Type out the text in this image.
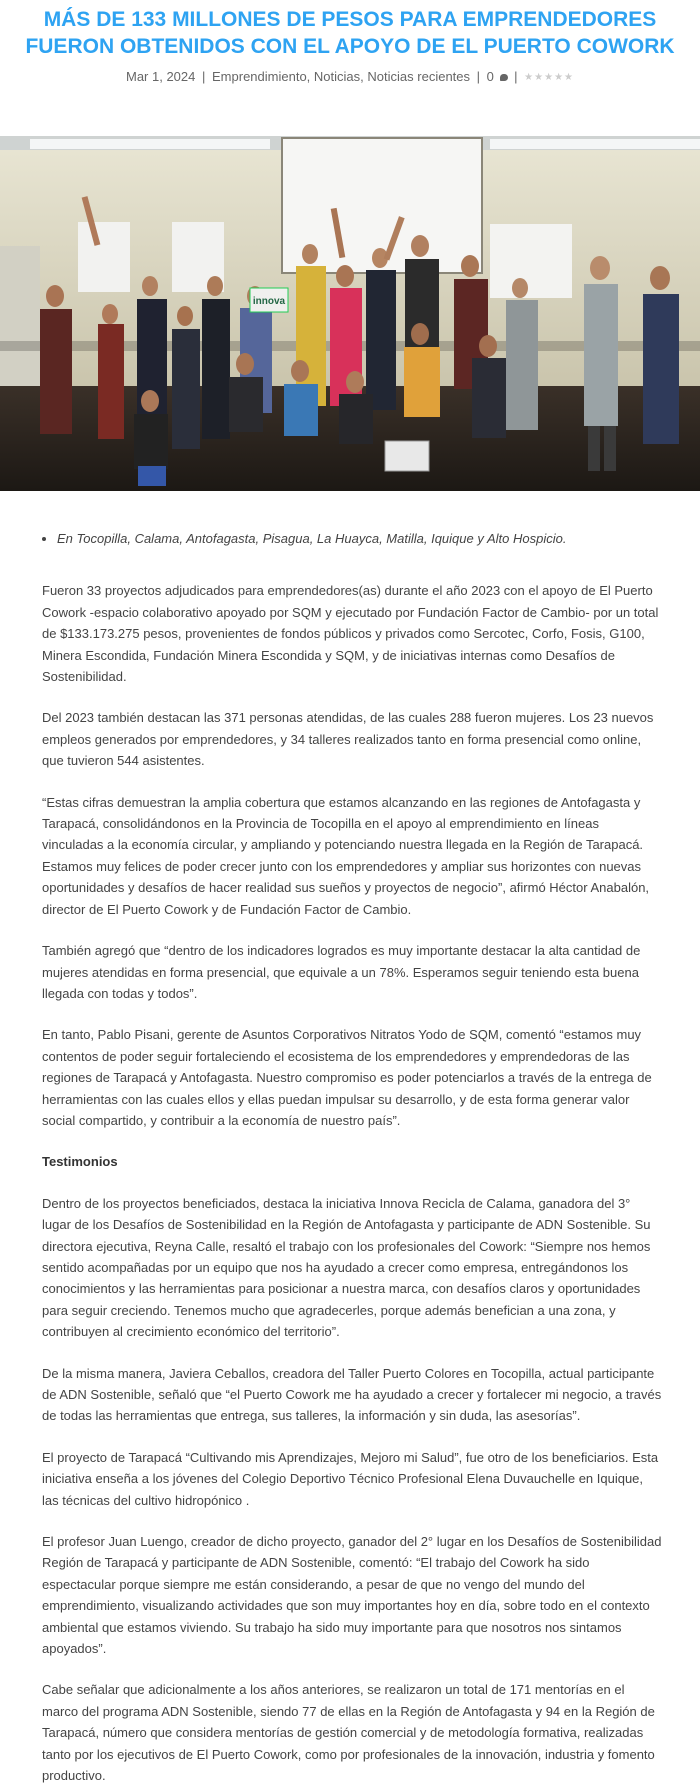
MÁS DE 133 MILLONES DE PESOS PARA EMPRENDEDORES FUERON OBTENIDOS CON EL APOYO DE EL PUERTO COWORK
Mar 1, 2024 | Emprendimiento, Noticias, Noticias recientes | 0 | ★★★★★
innova
• En Tocopilla, Calama, Antofagasta, Pisagua, La Huayca, Matilla, Iquique y Alto Hospicio.

Fueron 33 proyectos adjudicados para emprendedores(as) durante el año 2023 con el apoyo de El Puerto Cowork -espacio colaborativo apoyado por SQM y ejecutado por Fundación Factor de Cambio- por un total de $133.173.275 pesos, provenientes de fondos públicos y privados como Sercotec, Corfo, Fosis, G100, Minera Escondida, Fundación Minera Escondida y SQM, y de iniciativas internas como Desafíos de Sostenibilidad.

Del 2023 también destacan las 371 personas atendidas, de las cuales 288 fueron mujeres. Los 23 nuevos empleos generados por emprendedores, y 34 talleres realizados tanto en forma presencial como online, que tuvieron 544 asistentes.

“Estas cifras demuestran la amplia cobertura que estamos alcanzando en las regiones de Antofagasta y Tarapacá, consolidándonos en la Provincia de Tocopilla en el apoyo al emprendimiento en líneas vinculadas a la economía circular, y ampliando y potenciando nuestra llegada en la Región de Tarapacá. Estamos muy felices de poder crecer junto con los emprendedores y ampliar sus horizontes con nuevas oportunidades y desafíos de hacer realidad sus sueños y proyectos de negocio”, afirmó Héctor Anabalón, director de El Puerto Cowork y de Fundación Factor de Cambio.

También agregó que “dentro de los indicadores logrados es muy importante destacar la alta cantidad de mujeres atendidas en forma presencial, que equivale a un 78%. Esperamos seguir teniendo esta buena llegada con todas y todos”.

En tanto, Pablo Pisani, gerente de Asuntos Corporativos Nitratos Yodo de SQM, comentó “estamos muy contentos de poder seguir fortaleciendo el ecosistema de los emprendedores y emprendedoras de las regiones de Tarapacá y Antofagasta. Nuestro compromiso es poder potenciarlos a través de la entrega de herramientas con las cuales ellos y ellas puedan impulsar su desarrollo, y de esta forma generar valor social compartido, y contribuir a la economía de nuestro país”.

Testimonios

Dentro de los proyectos beneficiados, destaca la iniciativa Innova Recicla de Calama, ganadora del 3° lugar de los Desafíos de Sostenibilidad en la Región de Antofagasta y participante de ADN Sostenible. Su directora ejecutiva, Reyna Calle, resaltó el trabajo con los profesionales del Cowork: “Siempre nos hemos sentido acompañadas por un equipo que nos ha ayudado a crecer como empresa, entregándonos los conocimientos y las herramientas para posicionar a nuestra marca, con desafíos claros y oportunidades para seguir creciendo. Tenemos mucho que agradecerles, porque además benefician a una zona, y contribuyen al crecimiento económico del territorio”.

De la misma manera, Javiera Ceballos, creadora del Taller Puerto Colores en Tocopilla, actual participante de ADN Sostenible, señaló que “el Puerto Cowork me ha ayudado a crecer y fortalecer mi negocio, a través de todas las herramientas que entrega, sus talleres, la información y sin duda, las asesorías”.

El proyecto de Tarapacá “Cultivando mis Aprendizajes, Mejoro mi Salud”, fue otro de los beneficiarios. Esta iniciativa enseña a los jóvenes del Colegio Deportivo Técnico Profesional Elena Duvauchelle en Iquique, las técnicas del cultivo hidropónico .

El profesor Juan Luengo, creador de dicho proyecto, ganador del 2° lugar en los Desafíos de Sostenibilidad Región de Tarapacá y participante de ADN Sostenible, comentó: “El trabajo del Cowork ha sido espectacular porque siempre me están considerando, a pesar de que no vengo del mundo del emprendimiento, visualizando actividades que son muy importantes hoy en día, sobre todo en el contexto ambiental que estamos viviendo. Su trabajo ha sido muy importante para que nosotros nos sintamos apoyados”.

Cabe señalar que adicionalmente a los años anteriores, se realizaron un total de 171 mentorías en el marco del programa ADN Sostenible, siendo 77 de ellas en la Región de Antofagasta y 94 en la Región de Tarapacá, número que considera mentorías de gestión comercial y de metodología formativa, realizadas tanto por los ejecutivos de El Puerto Cowork, como por profesionales de la innovación, industria y fomento productivo.
